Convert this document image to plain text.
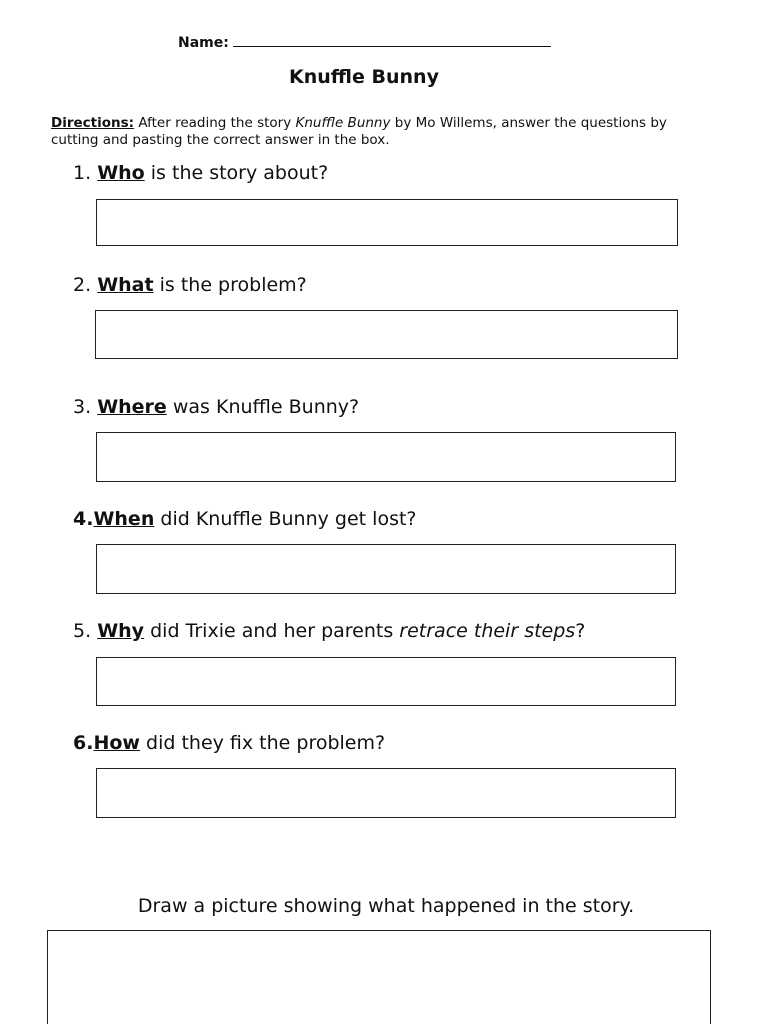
Name:
Knuffle Bunny
Directions: After reading the story Knuffle Bunny by Mo Willems, answer the questions by cutting and pasting the correct answer in the box.
1. Who is the story about?
2. What is the problem?
3. Where was Knuffle Bunny?
4.When did Knuffle Bunny get lost?
5. Why did Trixie and her parents retrace their steps?
6.How did they fix the problem?
Draw a picture showing what happened in the story.
